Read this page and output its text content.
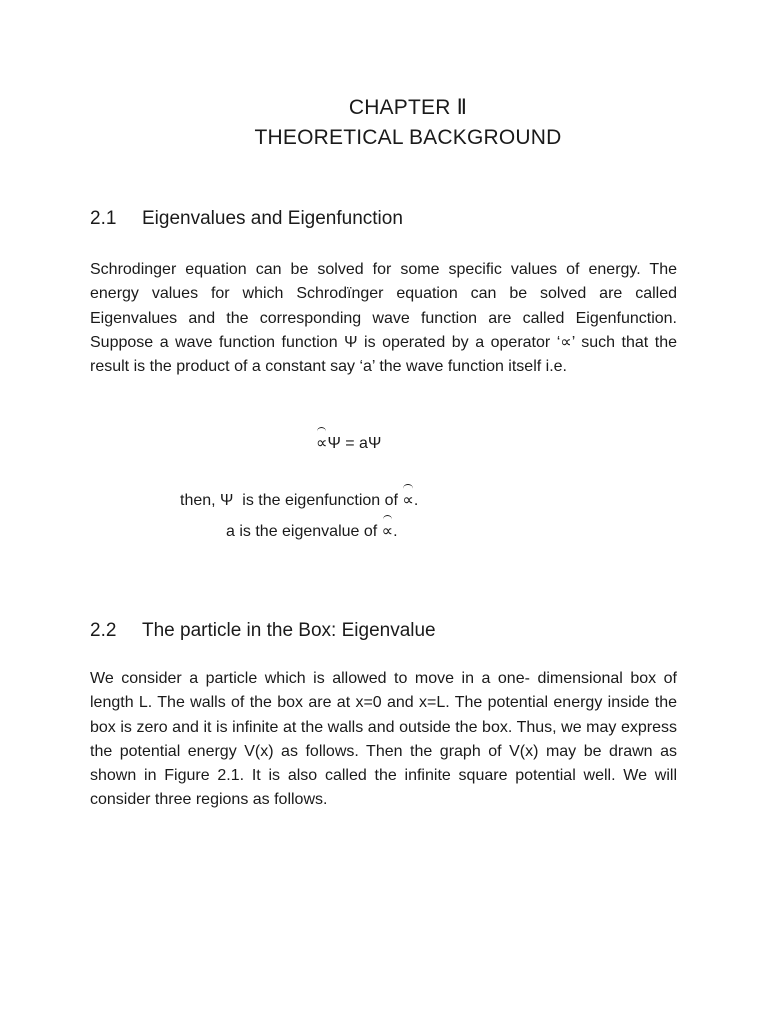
CHAPTER Ⅱ
THEORETICAL BACKGROUND
2.1 Eigenvalues and Eigenfunction

Schrodinger equation can be solved for some specific values of energy. The energy values for which Schrodïnger equation can be solved are called Eigenvalues and the corresponding wave function are called Eigenfunction. Suppose a wave function function Ψ is operated by a operator ‘∝’ such that the result is the product of a constant say ‘a’ the wave function itself i.e.

∝Ψ = aΨ
then, Ψ  is the eigenfunction of ∝.
a is the eigenvalue of ∝.
2.2 The particle in the Box: Eigenvalue

We consider a particle which is allowed to move in a one- dimensional box of length L. The walls of the box are at x=0 and x=L. The potential energy inside the box is zero and it is infinite at the walls and outside the box. Thus, we may express the potential energy V(x) as follows. Then the graph of V(x) may be drawn as shown in Figure 2.1. It is also called the infinite square potential well. We will consider three regions as follows.
